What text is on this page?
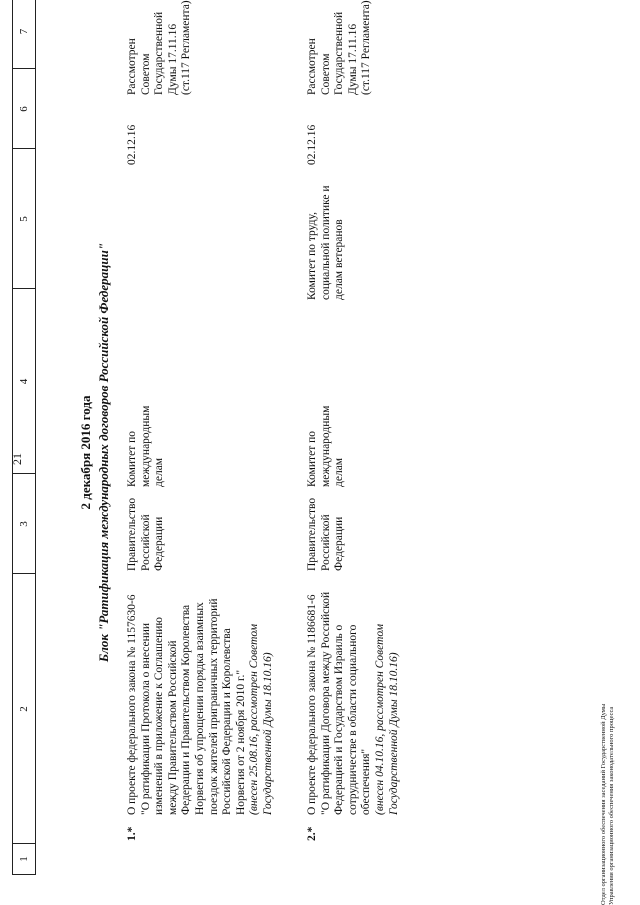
21
1
2
3
4
5
6
7
2 декабря 2016 года Блок "Ратификация международных договоров Российской Федерации"
1.*
О проекте федерального закона № 1157630-6 "О ратификации Протокола о внесении изменений в приложение к Соглашению между Правительством Российской Федерации и Правительством Королевства Норвегия об упрощении порядка взаимных поездок жителей приграничных территорий Российской Федерации и Королевства Норвегия от 2 ноября 2010 г." (внесен 25.08.16, рассмотрен Советом Государственной Думы 18.10.16)
Правительство Российской Федерации
Комитет по международным делам
02.12.16
Рассмотрен Советом Государственной Думы 17.11.16 (ст.117 Регламента)
2.*
О проекте федерального закона № 1186681-6 "О ратификации Договора между Российской Федерацией и Государством Израиль о сотрудничестве в области социального обеспечения" (внесен 04.10.16, рассмотрен Советом Государственной Думы 18.10.16)
Правительство Российской Федерации
Комитет по международным делам
Комитет по труду, социальной политике и делам ветеранов
02.12.16
Рассмотрен Советом Государственной Думы 17.11.16 (ст.117 Регламента)
Отдел организационного обеспечения заседаний Государственной Думы Управления организационного обеспечения законодательного процесса
